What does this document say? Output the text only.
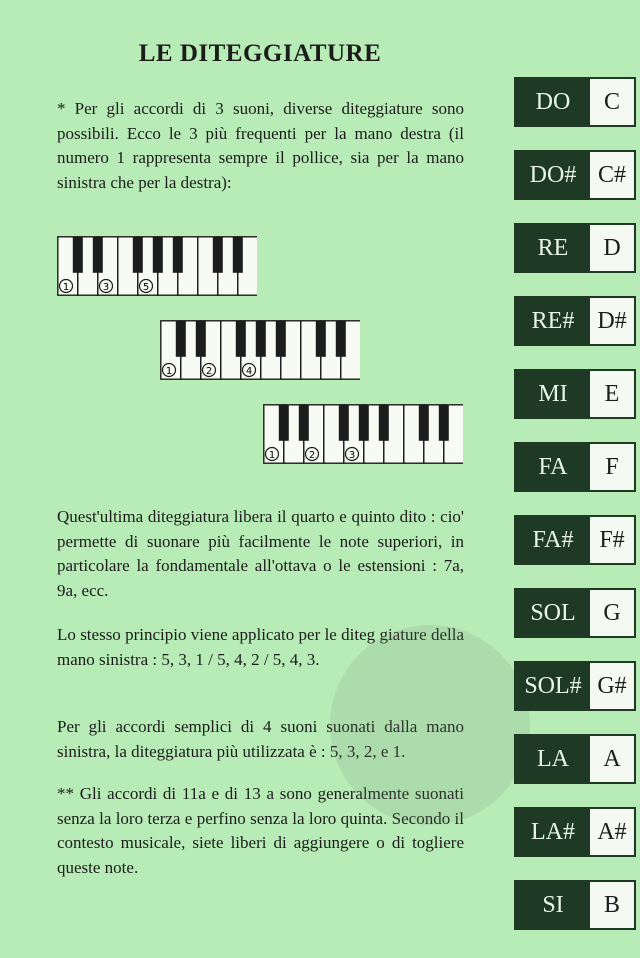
LE DITEGGIATURE

* Per gli accordi di 3 suoni, diverse diteggiature sono possibili. Ecco le 3 più frequenti per la mano destra (il numero 1 rappresenta sempre il pollice, sia per la mano sinistra che per la destra):

1	3	5
1	2	4
1	2	3

Quest'ultima diteggiatura libera il quarto e quinto dito : cio' permette di suonare più facilmente le note superiori, in particolare la fondamentale all'ottava o le estensioni : 7a, 9a, ecc.

Lo stesso principio viene applicato per le diteg giature della mano sinistra : 5, 3, 1 / 5, 4, 2 / 5, 4, 3.

Per gli accordi semplici di 4 suoni suonati dalla mano sinistra, la diteggiatura più utilizzata è : 5, 3, 2, e 1.

** Gli accordi di 11a e di 13 a sono generalmente suonati senza la loro terza e perfino senza la loro quinta. Secondo il contesto musicale, siete liberi di aggiungere o di togliere queste note.

DO	C
DO# C#
RE	D
RE# D#
MI	E
FA	F
FA#	F#
SOL	G
SOL# G#
LA	A
LA# A#
SI	B
